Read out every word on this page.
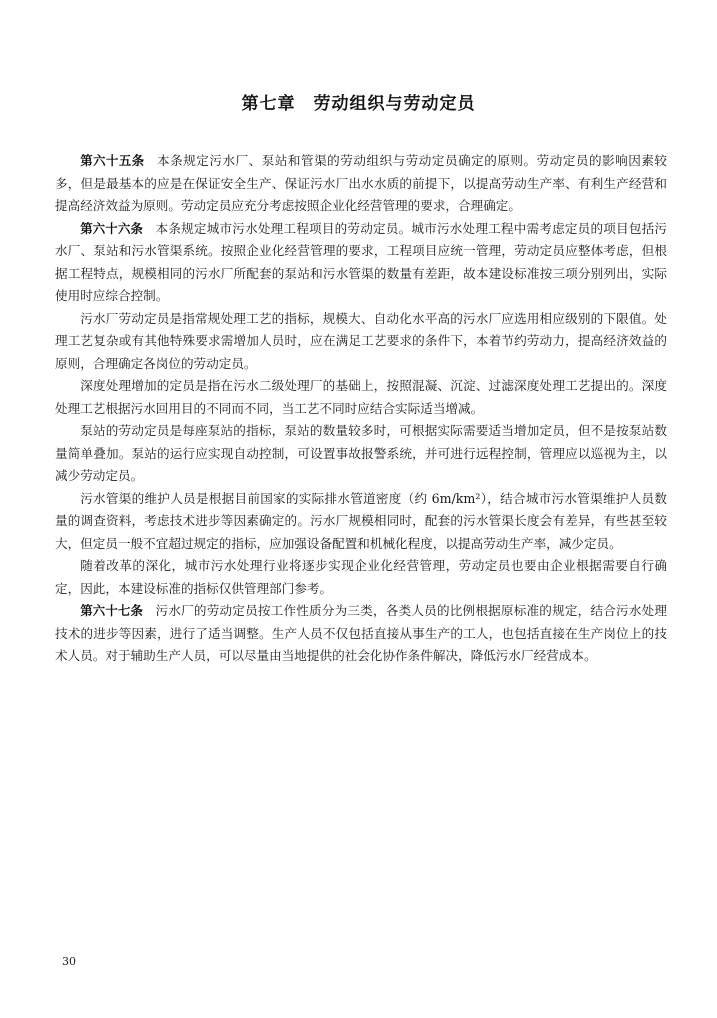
第七章　劳动组织与劳动定员

第六十五条 本条规定污水厂、泵站和管渠的劳动组织与劳动定员确定的原则。劳动定员的影响因素较多，但是最基本的应是在保证安全生产、保证污水厂出水水质的前提下，以提高劳动生产率、有利生产经营和提高经济效益为原则。劳动定员应充分考虑按照企业化经营管理的要求，合理确定。

第六十六条 本条规定城市污水处理工程项目的劳动定员。城市污水处理工程中需考虑定员的项目包括污水厂、泵站和污水管渠系统。按照企业化经营管理的要求，工程项目应统一管理，劳动定员应整体考虑，但根据工程特点，规模相同的污水厂所配套的泵站和污水管渠的数量有差距，故本建设标准按三项分别列出，实际使用时应综合控制。

污水厂劳动定员是指常规处理工艺的指标，规模大、自动化水平高的污水厂应选用相应级别的下限值。处理工艺复杂或有其他特殊要求需增加人员时，应在满足工艺要求的条件下，本着节约劳动力，提高经济效益的原则，合理确定各岗位的劳动定员。

深度处理增加的定员是指在污水二级处理厂的基础上，按照混凝、沉淀、过滤深度处理工艺提出的。深度处理工艺根据污水回用目的不同而不同，当工艺不同时应结合实际适当增减。

泵站的劳动定员是每座泵站的指标，泵站的数量较多时，可根据实际需要适当增加定员，但不是按泵站数量简单叠加。泵站的运行应实现自动控制，可设置事故报警系统，并可进行远程控制，管理应以巡视为主，以减少劳动定员。

污水管渠的维护人员是根据目前国家的实际排水管道密度（约 6m/km²），结合城市污水管渠维护人员数量的调查资料，考虑技术进步等因素确定的。污水厂规模相同时，配套的污水管渠长度会有差异，有些甚至较大，但定员一般不宜超过规定的指标，应加强设备配置和机械化程度，以提高劳动生产率，减少定员。

随着改革的深化，城市污水处理行业将逐步实现企业化经营管理，劳动定员也要由企业根据需要自行确定，因此，本建设标准的指标仅供管理部门参考。

第六十七条 污水厂的劳动定员按工作性质分为三类，各类人员的比例根据原标准的规定，结合污水处理技术的进步等因素，进行了适当调整。生产人员不仅包括直接从事生产的工人，也包括直接在生产岗位上的技术人员。对于辅助生产人员，可以尽量由当地提供的社会化协作条件解决，降低污水厂经营成本。

30
